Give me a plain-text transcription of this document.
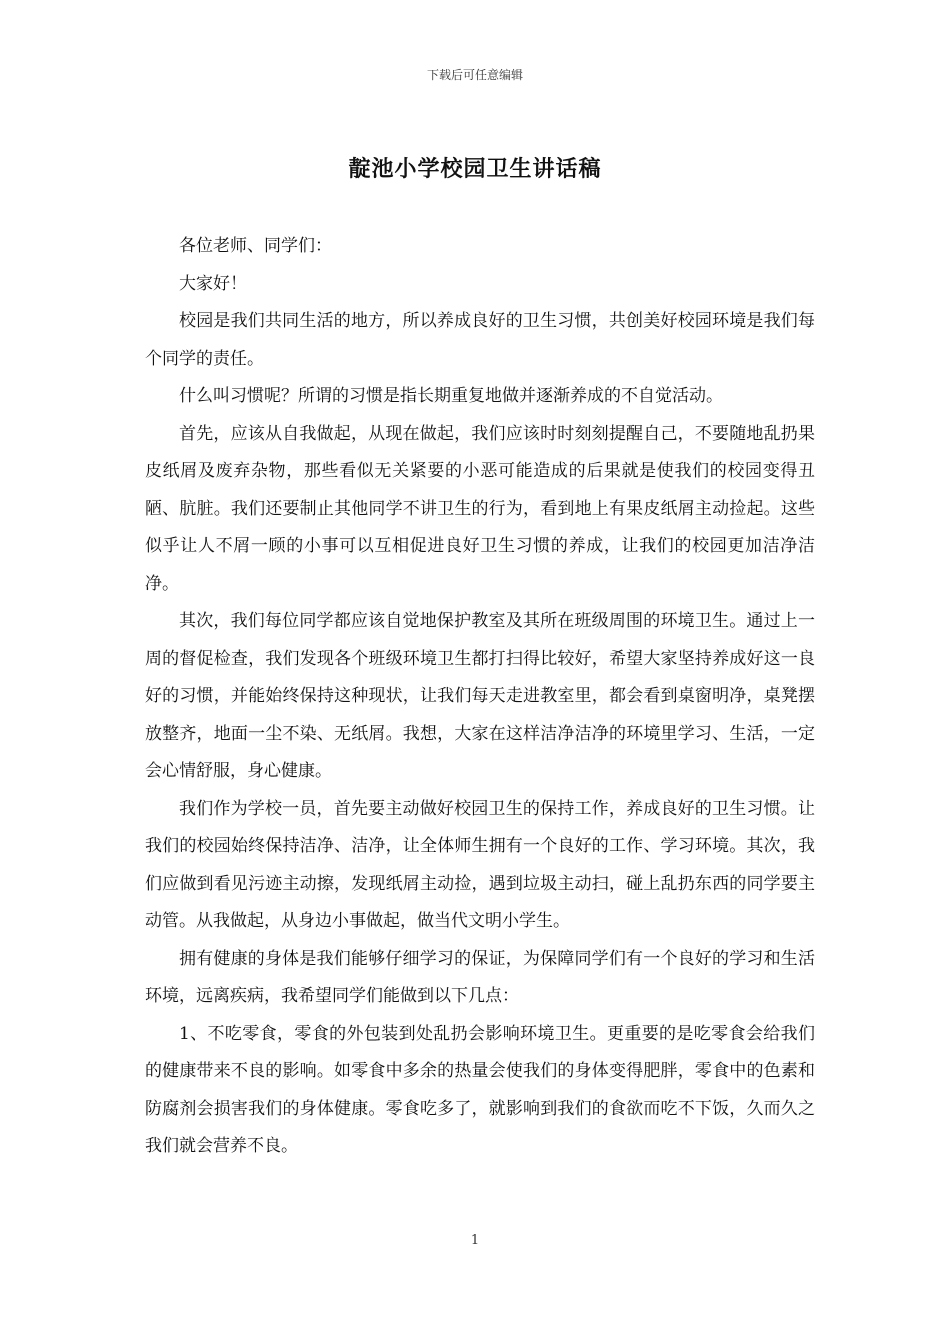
下载后可任意编辑
靛池小学校园卫生讲话稿

各位老师、同学们：

大家好！

校园是我们共同生活的地方，所以养成良好的卫生习惯，共创美好校园环境是我们每个同学的责任。

什么叫习惯呢？所谓的习惯是指长期重复地做并逐渐养成的不自觉活动。

首先，应该从自我做起，从现在做起，我们应该时时刻刻提醒自己，不要随地乱扔果皮纸屑及废弃杂物，那些看似无关紧要的小恶可能造成的后果就是使我们的校园变得丑陋、肮脏。我们还要制止其他同学不讲卫生的行为，看到地上有果皮纸屑主动捡起。这些似乎让人不屑一顾的小事可以互相促进良好卫生习惯的养成，让我们的校园更加洁净洁净。

其次，我们每位同学都应该自觉地保护教室及其所在班级周围的环境卫生。通过上一周的督促检查，我们发现各个班级环境卫生都打扫得比较好，希望大家坚持养成好这一良好的习惯，并能始终保持这种现状，让我们每天走进教室里，都会看到桌窗明净，桌凳摆放整齐，地面一尘不染、无纸屑。我想，大家在这样洁净洁净的环境里学习、生活，一定会心情舒服，身心健康。

我们作为学校一员，首先要主动做好校园卫生的保持工作，养成良好的卫生习惯。让我们的校园始终保持洁净、洁净，让全体师生拥有一个良好的工作、学习环境。其次，我们应做到看见污迹主动擦，发现纸屑主动捡，遇到垃圾主动扫，碰上乱扔东西的同学要主动管。从我做起，从身边小事做起，做当代文明小学生。

拥有健康的身体是我们能够仔细学习的保证，为保障同学们有一个良好的学习和生活环境，远离疾病，我希望同学们能做到以下几点：

1、不吃零食，零食的外包装到处乱扔会影响环境卫生。更重要的是吃零食会给我们的健康带来不良的影响。如零食中多余的热量会使我们的身体变得肥胖，零食中的色素和防腐剂会损害我们的身体健康。零食吃多了，就影响到我们的食欲而吃不下饭，久而久之我们就会营养不良。

1
